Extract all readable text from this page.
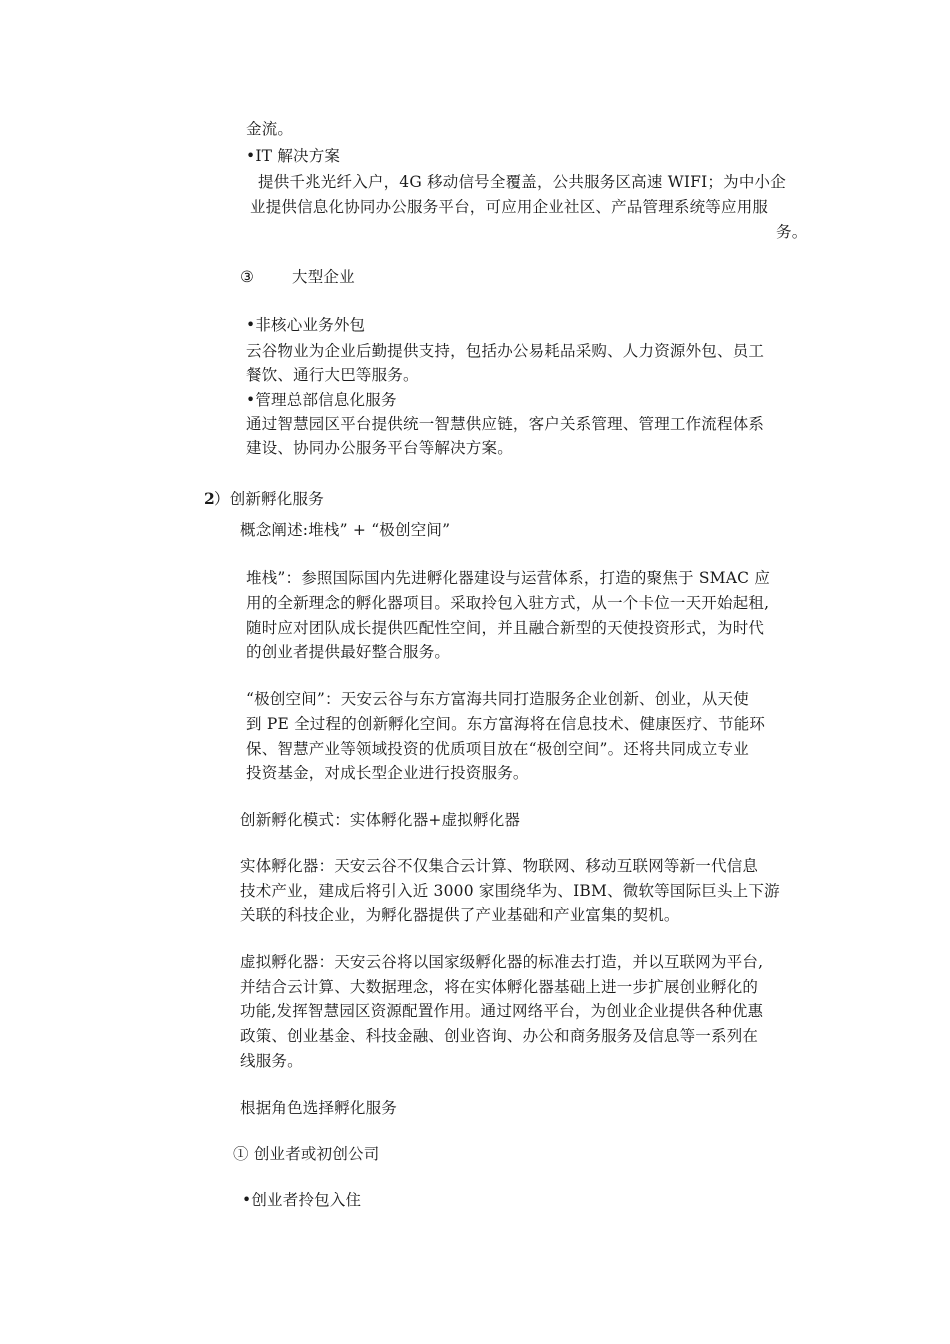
金流。
•IT 解决方案
提供千兆光纤入户，4G 移动信号全覆盖，公共服务区高速 WIFI；为中小企
业提供信息化协同办公服务平台，可应用企业社区、产品管理系统等应用服
务。
③ 大型企业
•非核心业务外包
云谷物业为企业后勤提供支持，包括办公易耗品采购、人力资源外包、员工
餐饮、通行大巴等服务。
•管理总部信息化服务
通过智慧园区平台提供统一智慧供应链，客户关系管理、管理工作流程体系
建设、协同办公服务平台等解决方案。
2 ）创新孵化服务
概念阐述:堆栈” + “极创空间”
堆栈”：参照国际国内先进孵化器建设与运营体系，打造的聚焦于 SMAC 应
用的全新理念的孵化器项目。采取拎包入驻方式，从一个卡位一天开始起租,
随时应对团队成长提供匹配性空间，并且融合新型的天使投资形式，为时代
的创业者提供最好整合服务。
“极创空间”：天安云谷与东方富海共同打造服务企业创新、创业，从天使
到 PE 全过程的创新孵化空间。东方富海将在信息技术、健康医疗、节能环
保、智慧产业等领域投资的优质项目放在“极创空间”。还将共同成立专业
投资基金，对成长型企业进行投资服务。
创新孵化模式：实体孵化器+虚拟孵化器
实体孵化器：天安云谷不仅集合云计算、物联网、移动互联网等新一代信息
技术产业，建成后将引入近 3000 家围绕华为、IBM、微软等国际巨头上下游
关联的科技企业，为孵化器提供了产业基础和产业富集的契机。
虚拟孵化器：天安云谷将以国家级孵化器的标准去打造，并以互联网为平台,
并结合云计算、大数据理念，将在实体孵化器基础上进一步扩展创业孵化的
功能,发挥智慧园区资源配置作用。通过网络平台，为创业企业提供各种优惠
政策、创业基金、科技金融、创业咨询、办公和商务服务及信息等一系列在
线服务。
根据角色选择孵化服务
① 创业者或初创公司
•创业者拎包入住
